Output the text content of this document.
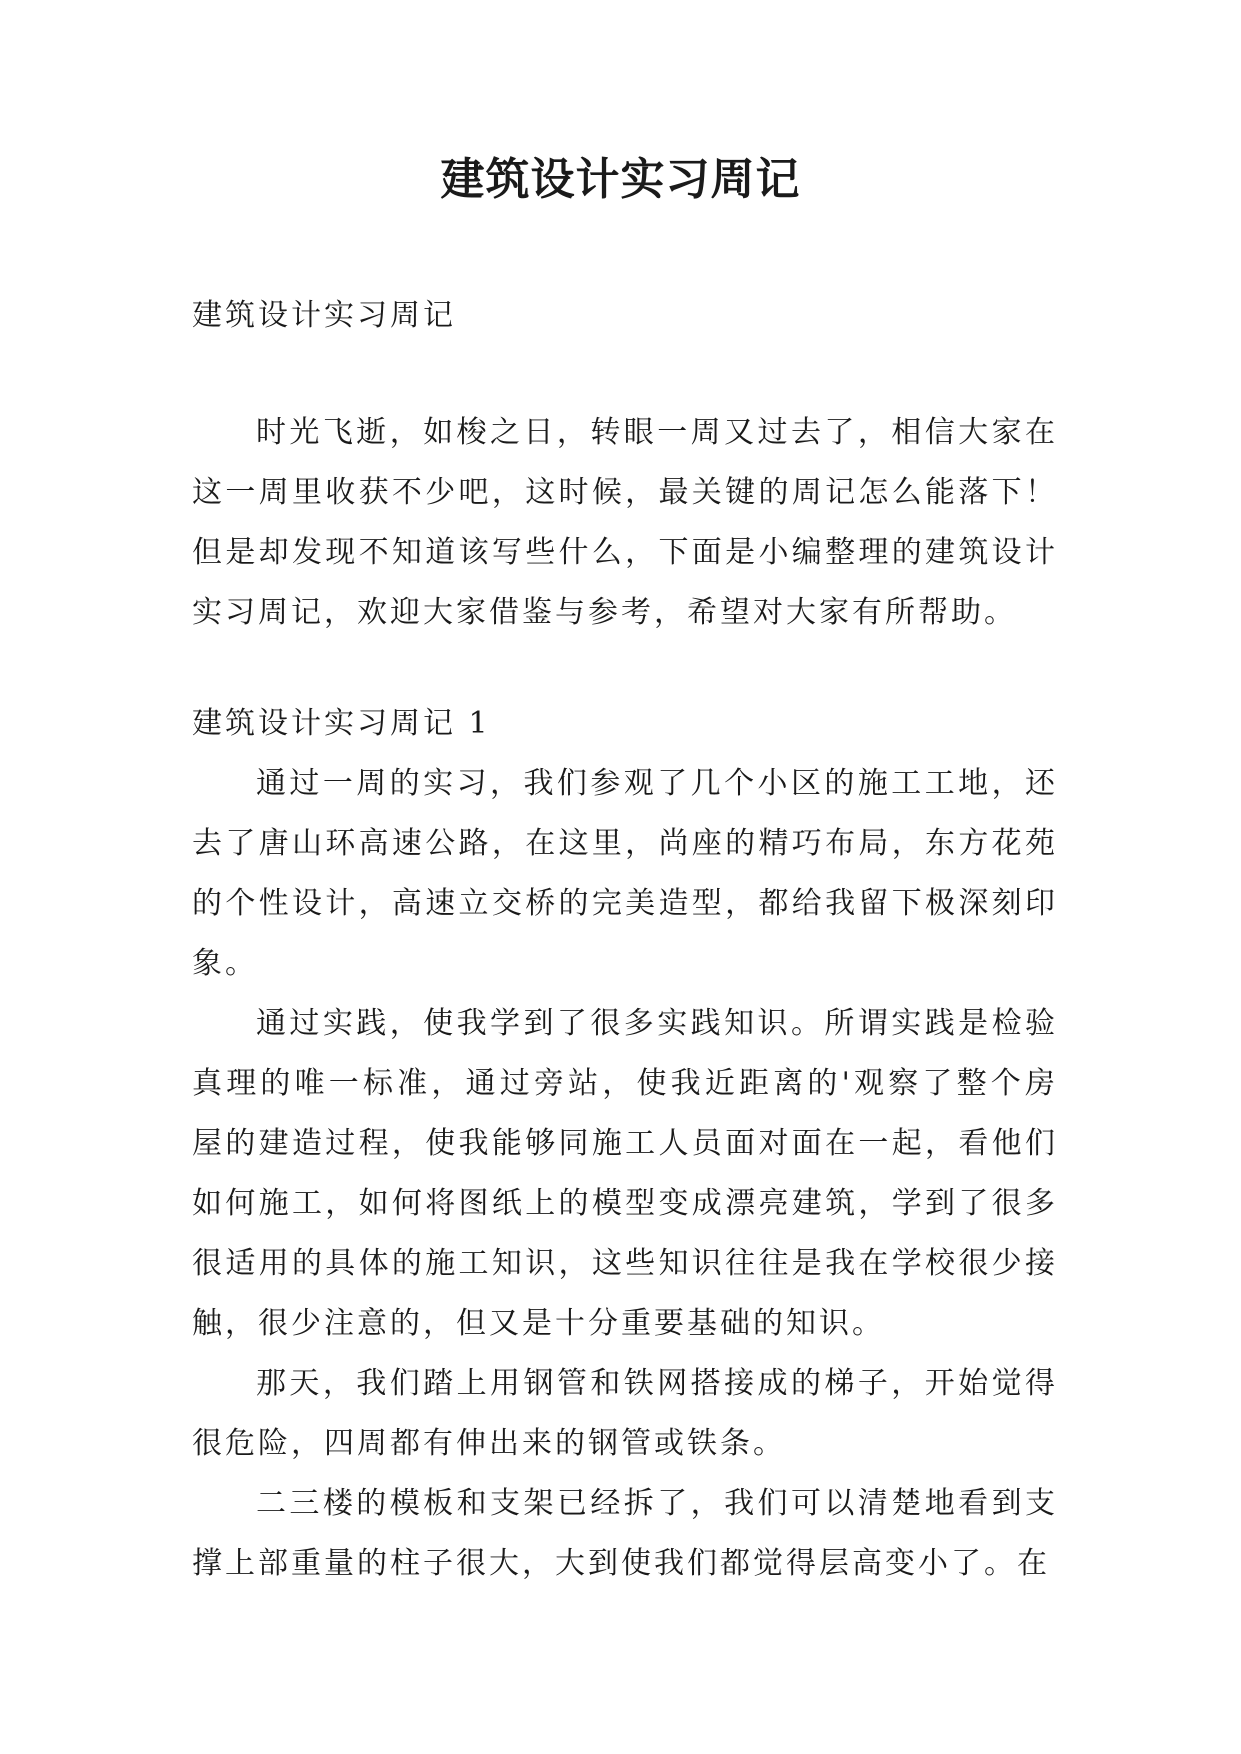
建筑设计实习周记
建筑设计实习周记

时光飞逝，如梭之日，转眼一周又过去了，相信大家在这一周里收获不少吧，这时候，最关键的周记怎么能落下！但是却发现不知道该写些什么，下面是小编整理的建筑设计实习周记，欢迎大家借鉴与参考，希望对大家有所帮助。

建筑设计实习周记 1

通过一周的实习，我们参观了几个小区的施工工地，还去了唐山环高速公路，在这里，尚座的精巧布局，东方花苑的个性设计，高速立交桥的完美造型，都给我留下极深刻印象。

通过实践，使我学到了很多实践知识。所谓实践是检验真理的唯一标准，通过旁站，使我近距离的'观察了整个房屋的建造过程，使我能够同施工人员面对面在一起，看他们如何施工，如何将图纸上的模型变成漂亮建筑，学到了很多很适用的具体的施工知识，这些知识往往是我在学校很少接触，很少注意的，但又是十分重要基础的知识。

那天，我们踏上用钢管和铁网搭接成的梯子，开始觉得很危险，四周都有伸出来的钢管或铁条。

二三楼的模板和支架已经拆了，我们可以清楚地看到支撑上部重量的柱子很大，大到使我们都觉得层高变小了。在
